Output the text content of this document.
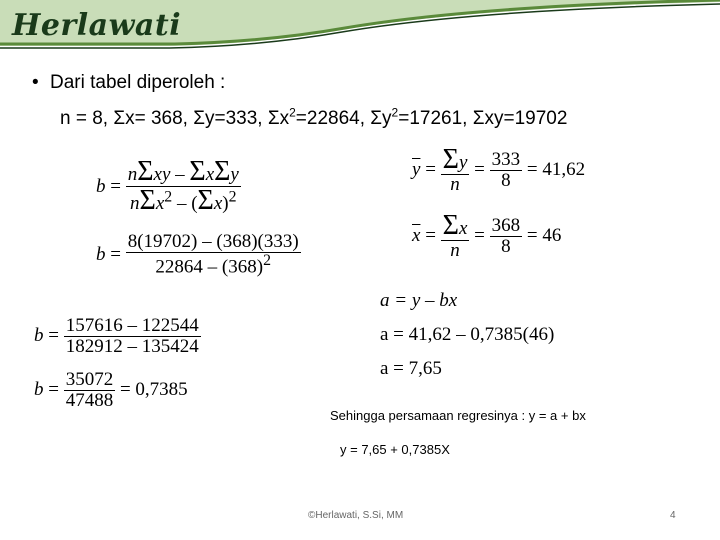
Herlawati
• Dari tabel diperoleh :
n = 8, Σx= 368, Σy=333, $\Sigma x^2=22864$, $\Sigma y^2=17261$, Σxy=19702
$b = \frac{\text{nΣxy – ΣxΣy}}{n\Sigma x^2 - (\Sigma x)^2}$
$b = \frac{8(19702) - (368)(333)}{22864 - (368)^2}$
$b = \frac{157616 - 122544}{182912 - 135424}$
$b = \frac{35072}{47488}$
= 0,7385
$\overline{y} = \frac{\Sigma y}{n} = \frac{333}{8}$
= 41,62
$\overline{x} = \frac{\Sigma x}{n} = \frac{368}{8}$
= 46
a = y – bx
a = 41,62 – 0,7385(46)
a = 7,65
Sehingga persamaan regresinya : y = a + bx
y = 7,65 + 0,7385X
©Herlawati, S.Si, MM	4
